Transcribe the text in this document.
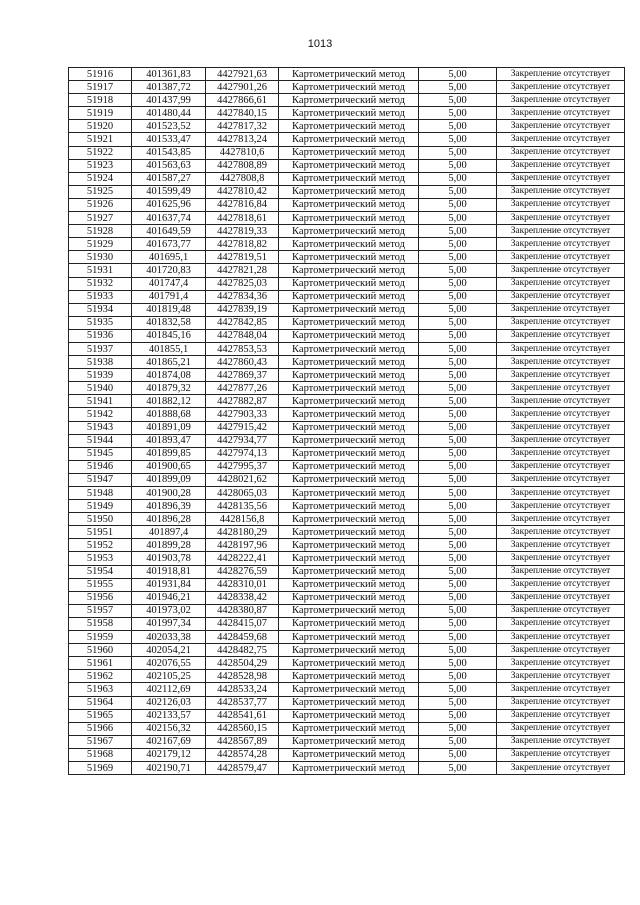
1013
51916	401361,83	4427921,63	Картометрический метод	5,00	Закрепление отсутствует
51917	401387,72	4427901,26	Картометрический метод	5,00	Закрепление отсутствует
51918	401437,99	4427866,61	Картометрический метод	5,00	Закрепление отсутствует
51919	401480,44	4427840,15	Картометрический метод	5,00	Закрепление отсутствует
51920	401523,52	4427817,32	Картометрический метод	5,00	Закрепление отсутствует
51921	401533,47	4427813,24	Картометрический метод	5,00	Закрепление отсутствует
51922	401543,85	4427810,6	Картометрический метод	5,00	Закрепление отсутствует
51923	401563,63	4427808,89	Картометрический метод	5,00	Закрепление отсутствует
51924	401587,27	4427808,8	Картометрический метод	5,00	Закрепление отсутствует
51925	401599,49	4427810,42	Картометрический метод	5,00	Закрепление отсутствует
51926	401625,96	4427816,84	Картометрический метод	5,00	Закрепление отсутствует
51927	401637,74	4427818,61	Картометрический метод	5,00	Закрепление отсутствует
51928	401649,59	4427819,33	Картометрический метод	5,00	Закрепление отсутствует
51929	401673,77	4427818,82	Картометрический метод	5,00	Закрепление отсутствует
51930	401695,1	4427819,51	Картометрический метод	5,00	Закрепление отсутствует
51931	401720,83	4427821,28	Картометрический метод	5,00	Закрепление отсутствует
51932	401747,4	4427825,03	Картометрический метод	5,00	Закрепление отсутствует
51933	401791,4	4427834,36	Картометрический метод	5,00	Закрепление отсутствует
51934	401819,48	4427839,19	Картометрический метод	5,00	Закрепление отсутствует
51935	401832,58	4427842,85	Картометрический метод	5,00	Закрепление отсутствует
51936	401845,16	4427848,04	Картометрический метод	5,00	Закрепление отсутствует
51937	401855,1	4427853,53	Картометрический метод	5,00	Закрепление отсутствует
51938	401865,21	4427860,43	Картометрический метод	5,00	Закрепление отсутствует
51939	401874,08	4427869,37	Картометрический метод	5,00	Закрепление отсутствует
51940	401879,32	4427877,26	Картометрический метод	5,00	Закрепление отсутствует
51941	401882,12	4427882,87	Картометрический метод	5,00	Закрепление отсутствует
51942	401888,68	4427903,33	Картометрический метод	5,00	Закрепление отсутствует
51943	401891,09	4427915,42	Картометрический метод	5,00	Закрепление отсутствует
51944	401893,47	4427934,77	Картометрический метод	5,00	Закрепление отсутствует
51945	401899,85	4427974,13	Картометрический метод	5,00	Закрепление отсутствует
51946	401900,65	4427995,37	Картометрический метод	5,00	Закрепление отсутствует
51947	401899,09	4428021,62	Картометрический метод	5,00	Закрепление отсутствует
51948	401900,28	4428065,03	Картометрический метод	5,00	Закрепление отсутствует
51949	401896,39	4428135,56	Картометрический метод	5,00	Закрепление отсутствует
51950	401896,28	4428156,8	Картометрический метод	5,00	Закрепление отсутствует
51951	401897,4	4428180,29	Картометрический метод	5,00	Закрепление отсутствует
51952	401899,28	4428197,96	Картометрический метод	5,00	Закрепление отсутствует
51953	401903,78	4428222,41	Картометрический метод	5,00	Закрепление отсутствует
51954	401918,81	4428276,59	Картометрический метод	5,00	Закрепление отсутствует
51955	401931,84	4428310,01	Картометрический метод	5,00	Закрепление отсутствует
51956	401946,21	4428338,42	Картометрический метод	5,00	Закрепление отсутствует
51957	401973,02	4428380,87	Картометрический метод	5,00	Закрепление отсутствует
51958	401997,34	4428415,07	Картометрический метод	5,00	Закрепление отсутствует
51959	402033,38	4428459,68	Картометрический метод	5,00	Закрепление отсутствует
51960	402054,21	4428482,75	Картометрический метод	5,00	Закрепление отсутствует
51961	402076,55	4428504,29	Картометрический метод	5,00	Закрепление отсутствует
51962	402105,25	4428528,98	Картометрический метод	5,00	Закрепление отсутствует
51963	402112,69	4428533,24	Картометрический метод	5,00	Закрепление отсутствует
51964	402126,03	4428537,77	Картометрический метод	5,00	Закрепление отсутствует
51965	402133,57	4428541,61	Картометрический метод	5,00	Закрепление отсутствует
51966	402156,32	4428560,15	Картометрический метод	5,00	Закрепление отсутствует
51967	402167,69	4428567,89	Картометрический метод	5,00	Закрепление отсутствует
51968	402179,12	4428574,28	Картометрический метод	5,00	Закрепление отсутствует
51969	402190,71	4428579,47	Картометрический метод	5,00	Закрепление отсутствует
